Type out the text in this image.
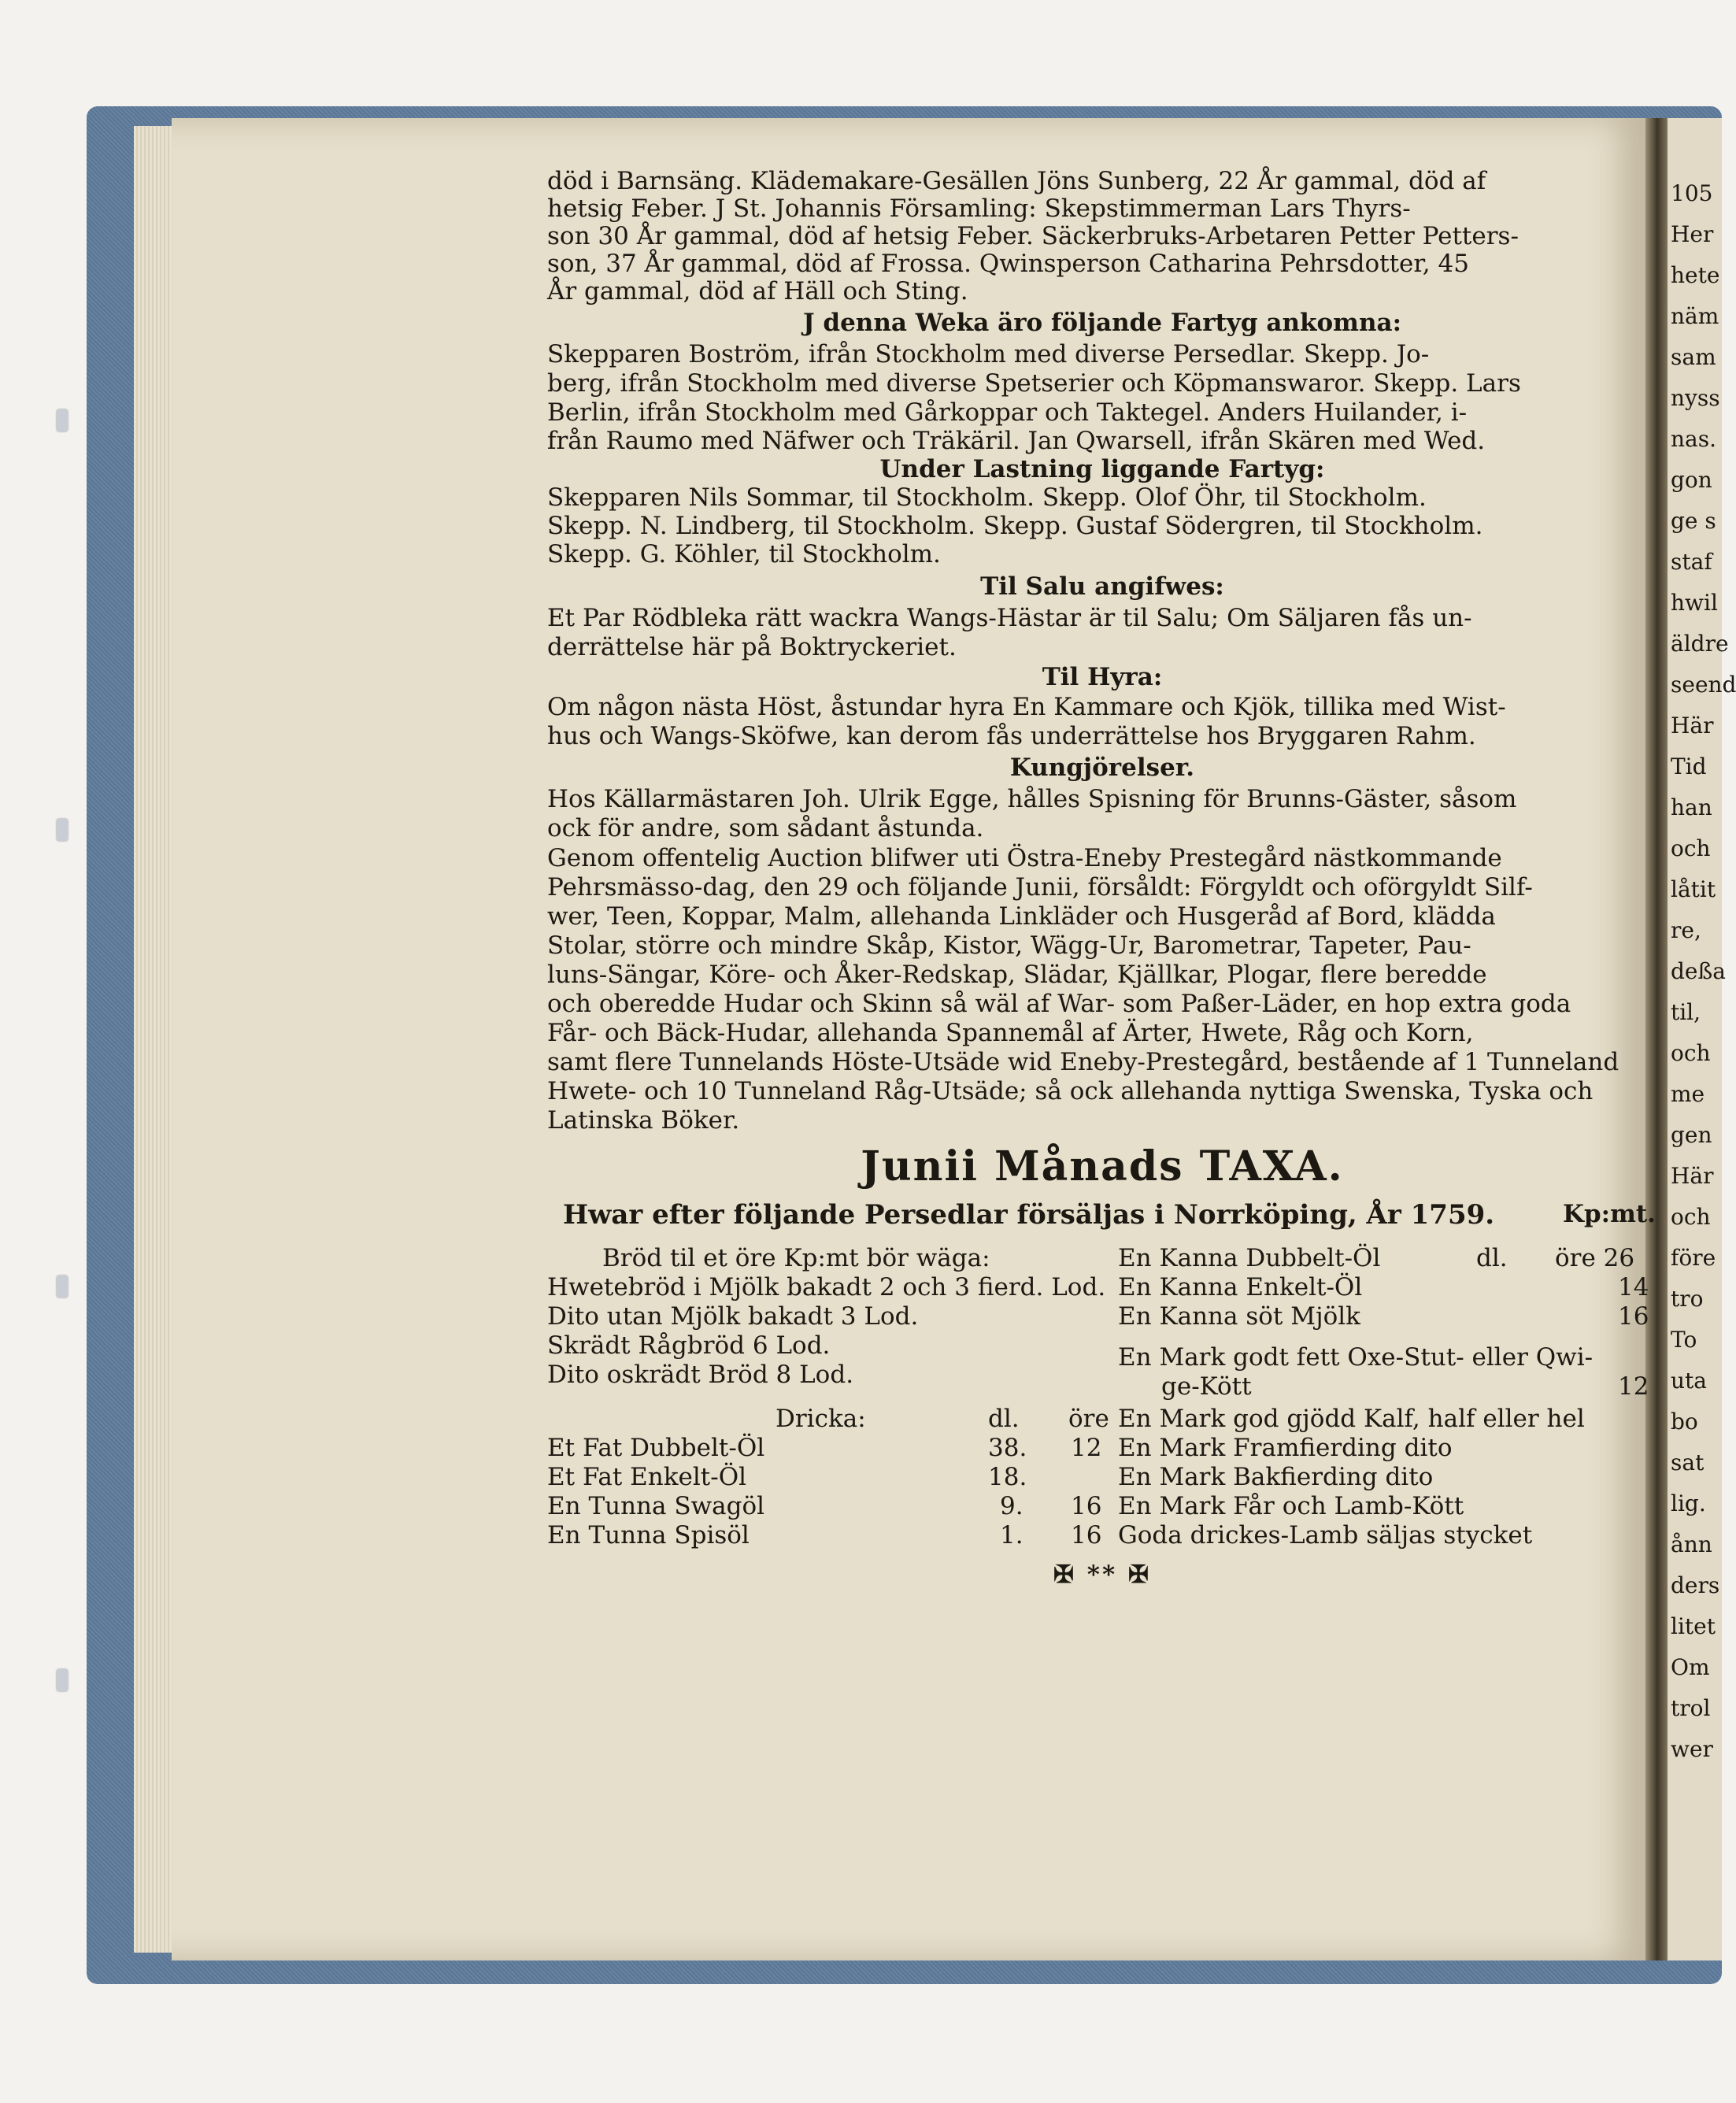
död i Barnsäng. Klädemakare-Gesällen Jöns Sunberg, 22 År gammal, död af
hetsig Feber. J St. Johannis Församling: Skepstimmerman Lars Thyrs-
son 30 År gammal, död af hetsig Feber. Säckerbruks-Arbetaren Petter Petters-
son, 37 År gammal, död af Frossa. Qwinsperson Catharina Pehrsdotter, 45
År gammal, död af Häll och Sting.
J denna Weka äro följande Fartyg ankomna:
Skepparen Boström, ifrån Stockholm med diverse Persedlar. Skepp. Jo-
berg, ifrån Stockholm med diverse Spetserier och Köpmanswaror. Skepp. Lars
Berlin, ifrån Stockholm med Gårkoppar och Taktegel. Anders Huilander, i-
från Raumo med Näfwer och Träkäril. Jan Qwarsell, ifrån Skären med Wed.
Under Lastning liggande Fartyg:
Skepparen Nils Sommar, til Stockholm. Skepp. Olof Öhr, til Stockholm.
Skepp. N. Lindberg, til Stockholm. Skepp. Gustaf Södergren, til Stockholm.
Skepp. G. Köhler, til Stockholm.
Til Salu angifwes:
Et Par Rödbleka rätt wackra Wangs-Hästar är til Salu; Om Säljaren fås un-
derrättelse här på Boktryckeriet.
Til Hyra:
Om någon nästa Höst, åstundar hyra En Kammare och Kjök, tillika med Wist-
hus och Wangs-Sköfwe, kan derom fås underrättelse hos Bryggaren Rahm.
Kungjörelser.
Hos Källarmästaren Joh. Ulrik Egge, hålles Spisning för Brunns-Gäster, såsom
ock för andre, som sådant åstunda.
Genom offentelig Auction blifwer uti Östra-Eneby Prestegård nästkommande
Pehrsmässo-dag, den 29 och följande Junii, försåldt: Förgyldt och oförgyldt Silf-
wer, Teen, Koppar, Malm, allehanda Linkläder och Husgeråd af Bord, klädda
Stolar, större och mindre Skåp, Kistor, Wägg-Ur, Barometrar, Tapeter, Pau-
luns-Sängar, Köre- och Åker-Redskap, Slädar, Kjällkar, Plogar, flere beredde
och oberedde Hudar och Skinn så wäl af War- som Paßer-Läder, en hop extra goda
Får- och Bäck-Hudar, allehanda Spannemål af Ärter, Hwete, Råg och Korn,
samt flere Tunnelands Höste-Utsäde wid Eneby-Prestegård, bestående af 1 Tunneland
Hwete- och 10 Tunneland Råg-Utsäde; så ock allehanda nyttiga Swenska, Tyska och
Latinska Böker.
Junii Månads TAXA.
Hwar efter följande Persedlar försäljas i Norrköping, År 1759.	Kp:mt.
Bröd til et öre Kp:mt bör wäga:
Hwetebröd i Mjölk bakadt 2 och 3 fierd. Lod.
Dito utan Mjölk bakadt 3 Lod.
Skrädt Rågbröd 6 Lod.
Dito oskrädt Bröd 8 Lod.
Dricka:	dl. öre
Et Fat Dubbelt-Öl	38. 12
Et Fat Enkelt-Öl	18.
En Tunna Swagöl	9. 16
En Tunna Spisöl	1. 16
En Kanna Dubbelt-Öl	dl. öre 26
En Kanna Enkelt-Öl	14
En Kanna söt Mjölk	16
En Mark godt fett Oxe-Stut- eller Qwi-
ge-Kött	12
En Mark god gjödd Kalf, half eller hel
En Mark Framfierding dito
En Mark Bakfierding dito
En Mark Får och Lamb-Kött
Goda drickes-Lamb säljas stycket
✠ ** ✠
105
Her
hete
näm
sam
nyss
nas.
gon
ge s
staf
hwil
äldre
seend
Här
Tid
han
och
låtit
re,
deßa
til,
och
me
gen
Här
och
före
tro
To
uta
bo
sat
lig.
ånn
ders
litet
Om
trol
wer
